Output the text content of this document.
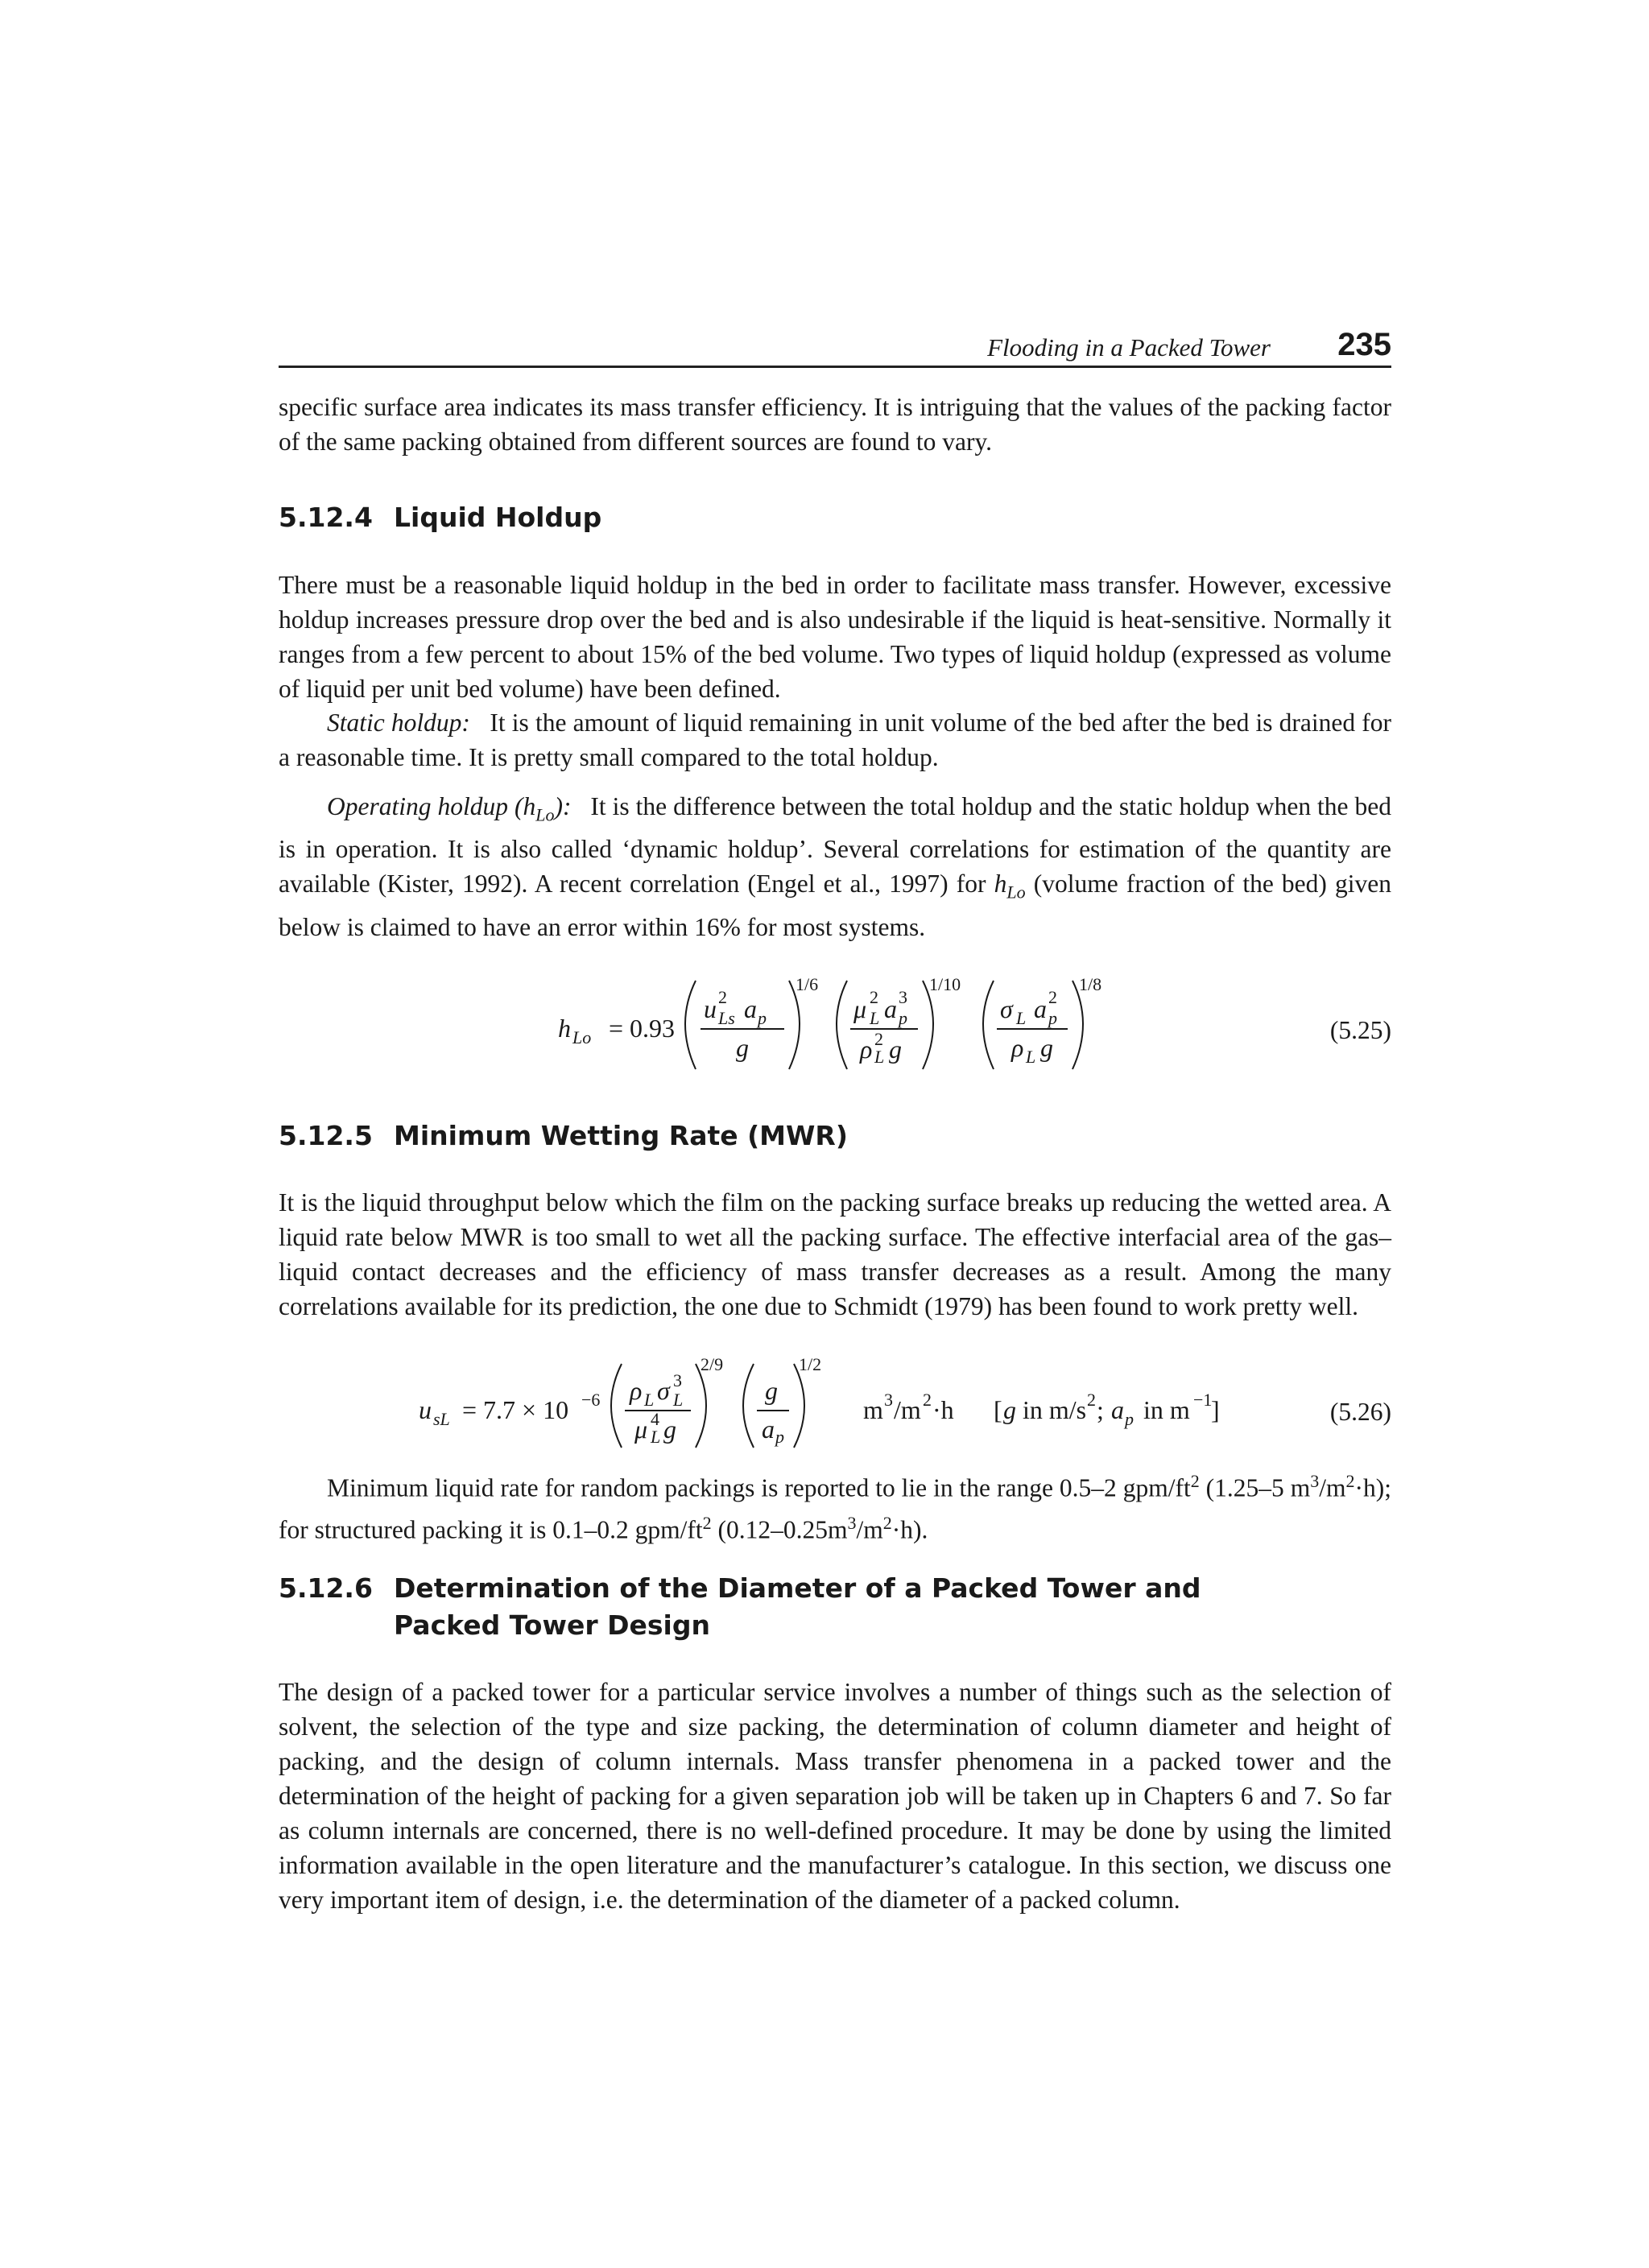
Flooding in a Packed Tower 235

specific surface area indicates its mass transfer efficiency. It is intriguing that the values of the packing factor of the same packing obtained from different sources are found to vary.

5.12.4 Liquid Holdup

There must be a reasonable liquid holdup in the bed in order to facilitate mass transfer. However, excessive holdup increases pressure drop over the bed and is also undesirable if the liquid is heat-sensitive. Normally it ranges from a few percent to about 15% of the bed volume. Two types of liquid holdup (expressed as volume of liquid per unit bed volume) have been defined.

Static holdup: It is the amount of liquid remaining in unit volume of the bed after the bed is drained for a reasonable time. It is pretty small compared to the total holdup.

Operating holdup $(h_{Lo})$: It is the difference between the total holdup and the static holdup when the bed is in operation. It is also called ‘dynamic holdup’. Several correlations for estimation of the quantity are available (Kister, 1992). A recent correlation (Engel et al., 1997) for $h_{Lo}$ (volume fraction of the bed) given below is claimed to have an error within 16% for most systems.

h Lo = 0.93
u 2
Ls a p
g
1/6
μ 2
L a 3
p
ρ 2
L g
1/10
σ L a 2
p
ρ L g
1/8
(5.25)
5.12.5 Minimum Wetting Rate (MWR)

It is the liquid throughput below which the film on the packing surface breaks up reducing the wetted area. A liquid rate below MWR is too small to wet all the packing surface. The effective interfacial area of the gas–liquid contact decreases and the efficiency of mass transfer decreases as a result. Among the many correlations available for its prediction, the one due to Schmidt (1979) has been found to work pretty well.

u sL = 7.7 × 10 −6 ρ L σ 3
L
μ 4
L g
2/9
g
a p
1/2
m 3 /m 2 ·h [ g in m/s 2 ; a p in m −1
]	(5.26)

Minimum liquid rate for random packings is reported to lie in the range 0.5–2 gpm/$ft^2$ (1.25–5 $m^3/m^2\cdot h$); for structured packing it is 0.1–0.2 gpm/$ft^2$ $(0.12-0.25m^3/m^2\cdot h)$.

5.12.6 Determination of the Diameter of a Packed Tower and
Packed Tower Design

The design of a packed tower for a particular service involves a number of things such as the selection of solvent, the selection of the type and size packing, the determination of column diameter and height of packing, and the design of column internals. Mass transfer phenomena in a packed tower and the determination of the height of packing for a given separation job will be taken up in Chapters 6 and 7. So far as column internals are concerned, there is no well-defined procedure. It may be done by using the limited information available in the open literature and the manufacturer’s catalogue. In this section, we discuss one very important item of design, i.e. the determination of the diameter of a packed column.
